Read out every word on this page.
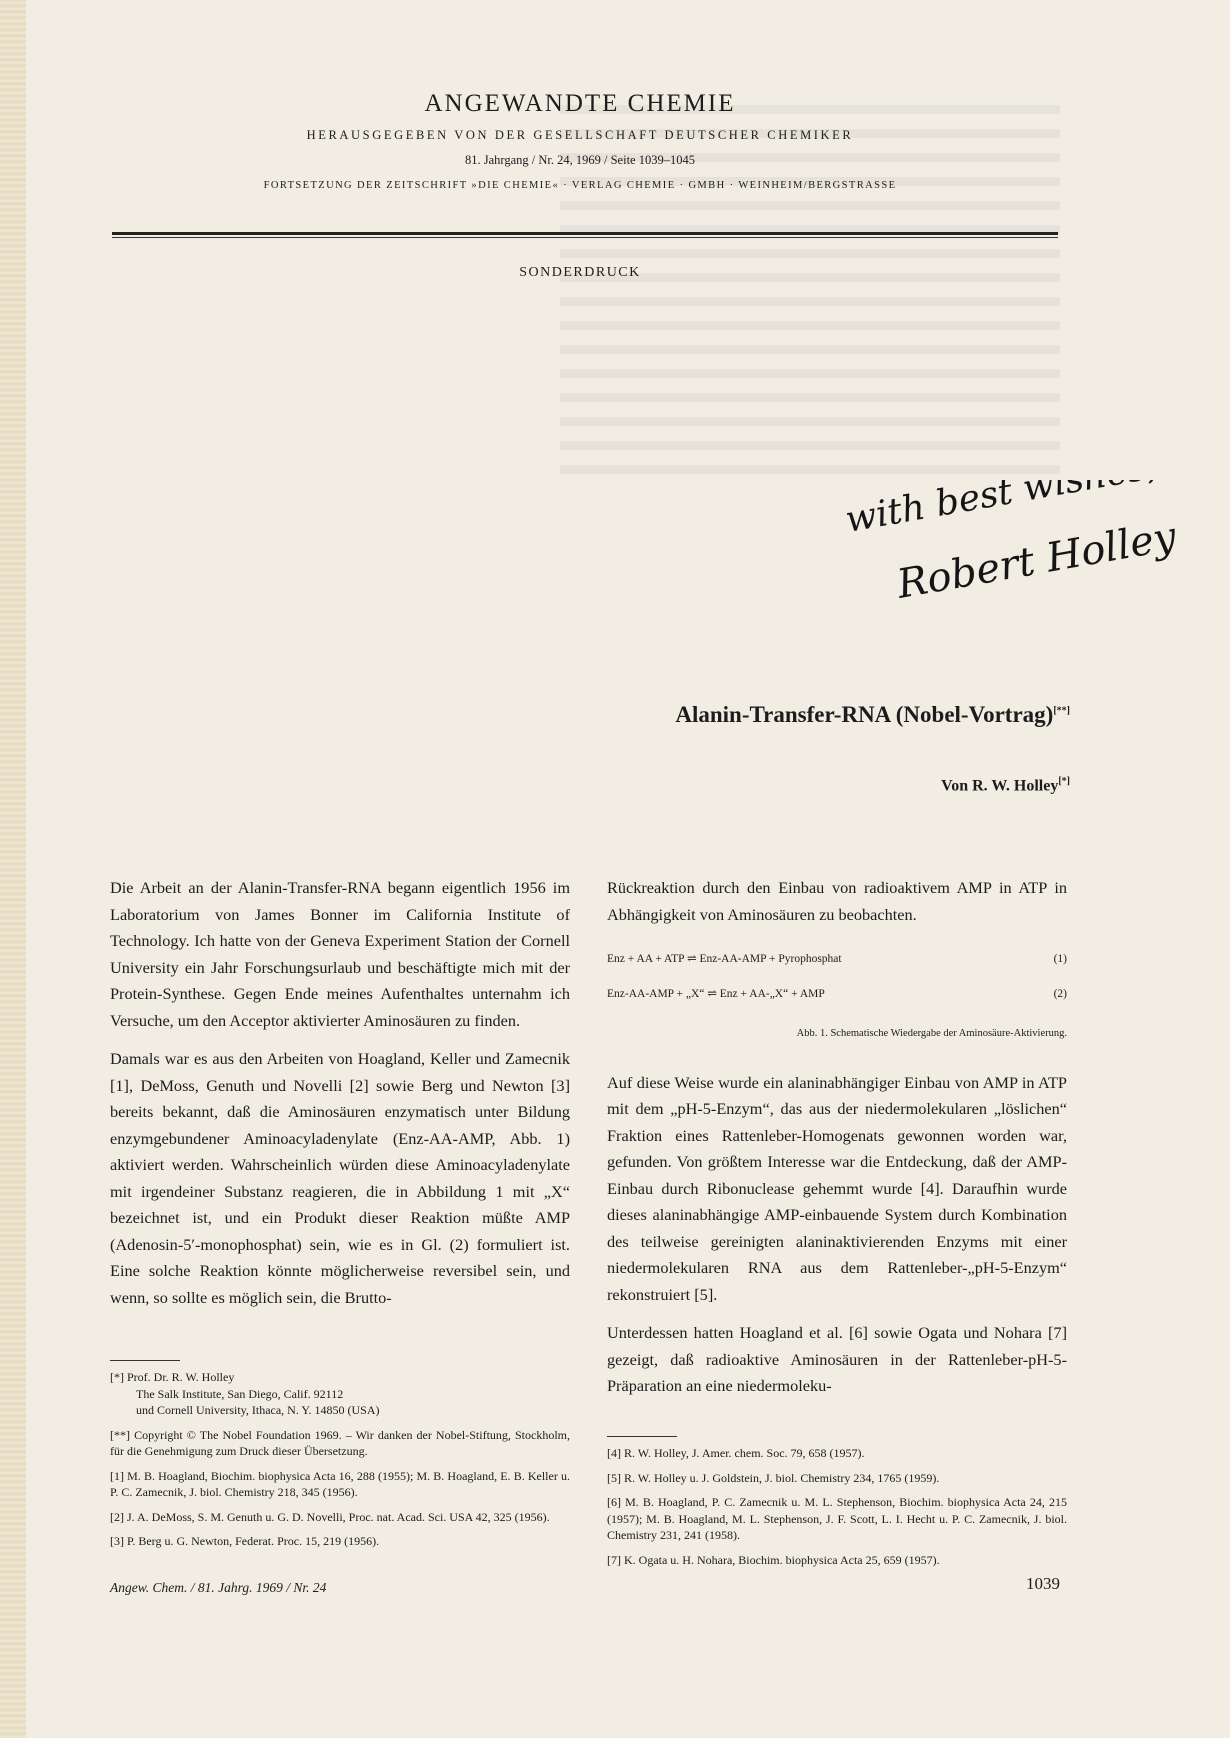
ANGEWANDTE CHEMIE
HERAUSGEGEBEN VON DER GESELLSCHAFT DEUTSCHER CHEMIKER
81. Jahrgang / Nr. 24, 1969 / Seite 1039–1045
FORTSETZUNG DER ZEITSCHRIFT »DIE CHEMIE« · VERLAG CHEMIE · GMBH · WEINHEIM/BERGSTRASSE
SONDERDRUCK
with best wishes,
Robert Holley
Alanin-Transfer-RNA (Nobel-Vortrag)[**]
Von R. W. Holley[*]

Die Arbeit an der Alanin-Transfer-RNA begann eigentlich 1956 im Laboratorium von James Bonner im California Institute of Technology. Ich hatte von der Geneva Experiment Station der Cornell University ein Jahr Forschungsurlaub und beschäftigte mich mit der Protein-Synthese. Gegen Ende meines Aufenthaltes unternahm ich Versuche, um den Acceptor aktivierter Aminosäuren zu finden.

Damals war es aus den Arbeiten von Hoagland, Keller und Zamecnik [1], DeMoss, Genuth und Novelli [2] sowie Berg und Newton [3] bereits bekannt, daß die Aminosäuren enzymatisch unter Bildung enzymgebundener Aminoacyladenylate (Enz-AA-AMP, Abb. 1) aktiviert werden. Wahrscheinlich würden diese Aminoacyladenylate mit irgendeiner Substanz reagieren, die in Abbildung 1 mit „X“ bezeichnet ist, und ein Produkt dieser Reaktion müßte AMP (Adenosin-5′-monophosphat) sein, wie es in Gl. (2) formuliert ist. Eine solche Reaktion könnte möglicherweise reversibel sein, und wenn, so sollte es möglich sein, die Brutto-

Rückreaktion durch den Einbau von radioaktivem AMP in ATP in Abhängigkeit von Aminosäuren zu beobachten.

Enz + AA + ATP ⇌ Enz-AA-AMP + Pyrophosphat	(1)
Enz-AA-AMP + „X“ ⇌ Enz + AA-„X“ + AMP	(2)
Abb. 1. Schematische Wiedergabe der Aminosäure-Aktivierung.

Auf diese Weise wurde ein alaninabhängiger Einbau von AMP in ATP mit dem „pH-5-Enzym“, das aus der niedermolekularen „löslichen“ Fraktion eines Rattenleber-Homogenats gewonnen worden war, gefunden. Von größtem Interesse war die Entdeckung, daß der AMP-Einbau durch Ribonuclease gehemmt wurde [4]. Daraufhin wurde dieses alaninabhängige AMP-einbauende System durch Kombination des teilweise gereinigten alaninaktivierenden Enzyms mit einer niedermolekularen RNA aus dem Rattenleber-„pH-5-Enzym“ rekonstruiert [5].

Unterdessen hatten Hoagland et al. [6] sowie Ogata und Nohara [7] gezeigt, daß radioaktive Aminosäuren in der Rattenleber-pH-5-Präparation an eine niedermoleku-

[*] Prof. Dr. R. W. Holley
The Salk Institute, San Diego, Calif. 92112
und Cornell University, Ithaca, N. Y. 14850 (USA)
[**] Copyright © The Nobel Foundation 1969. – Wir danken der Nobel-Stiftung, Stockholm, für die Genehmigung zum Druck dieser Übersetzung.
[1] M. B. Hoagland, Biochim. biophysica Acta 16, 288 (1955); M. B. Hoagland, E. B. Keller u. P. C. Zamecnik, J. biol. Chemistry 218, 345 (1956).
[2] J. A. DeMoss, S. M. Genuth u. G. D. Novelli, Proc. nat. Acad. Sci. USA 42, 325 (1956).
[3] P. Berg u. G. Newton, Federat. Proc. 15, 219 (1956).
[4] R. W. Holley, J. Amer. chem. Soc. 79, 658 (1957).
[5] R. W. Holley u. J. Goldstein, J. biol. Chemistry 234, 1765 (1959).
[6] M. B. Hoagland, P. C. Zamecnik u. M. L. Stephenson, Biochim. biophysica Acta 24, 215 (1957); M. B. Hoagland, M. L. Stephenson, J. F. Scott, L. I. Hecht u. P. C. Zamecnik, J. biol. Chemistry 231, 241 (1958).
[7] K. Ogata u. H. Nohara, Biochim. biophysica Acta 25, 659 (1957).
Angew. Chem. / 81. Jahrg. 1969 / Nr. 24	1039
